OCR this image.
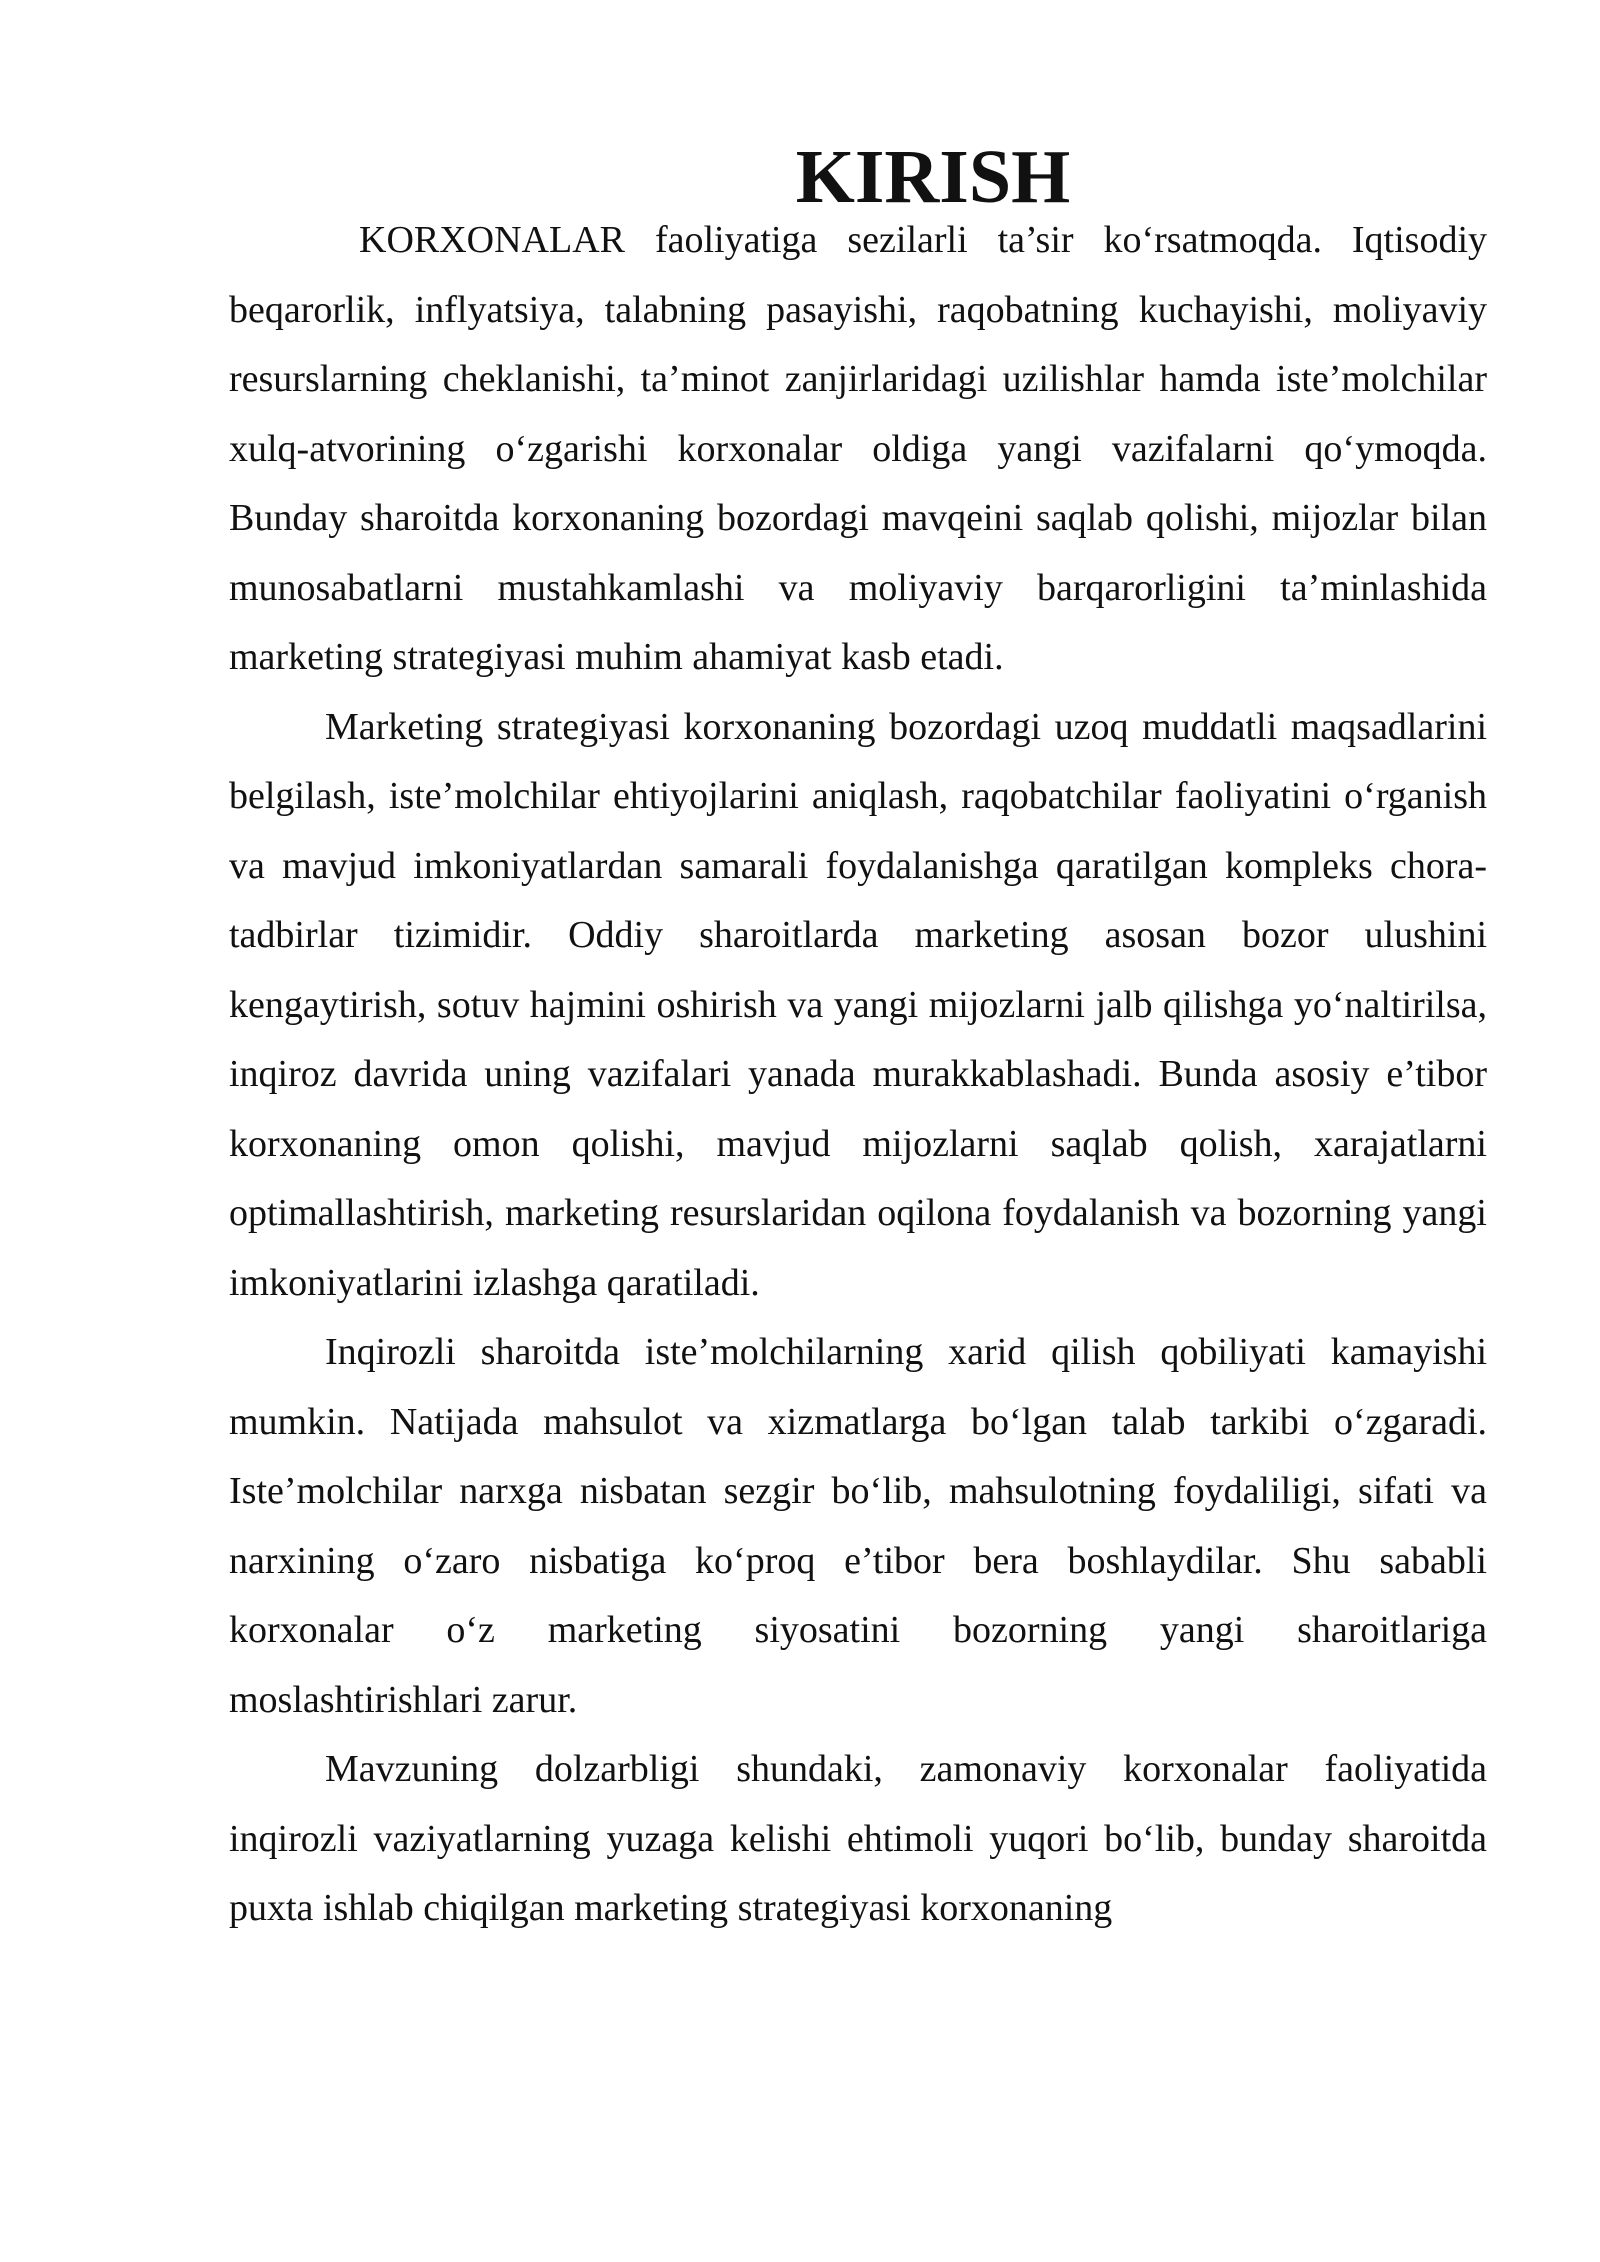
KIRISH

KORXONALAR faoliyatiga sezilarli ta’sir ko‘rsatmoqda. Iqtisodiy beqarorlik, inflyatsiya, talabning pasayishi, raqobatning kuchayishi, moliyaviy resurslarning cheklanishi, ta’minot zanjirlaridagi uzilishlar hamda iste’molchilar xulq-atvorining o‘zgarishi korxonalar oldiga yangi vazifalarni qo‘ymoqda. Bunday sharoitda korxonaning bozordagi mavqeini saqlab qolishi, mijozlar bilan munosabatlarni mustahkamlashi va moliyaviy barqarorligini ta’minlashida marketing strategiyasi muhim ahamiyat kasb etadi.

Marketing strategiyasi korxonaning bozordagi uzoq muddatli maqsadlarini belgilash, iste’molchilar ehtiyojlarini aniqlash, raqobatchilar faoliyatini o‘rganish va mavjud imkoniyatlardan samarali foydalanishga qaratilgan kompleks chora-tadbirlar tizimidir. Oddiy sharoitlarda marketing asosan bozor ulushini kengaytirish, sotuv hajmini oshirish va yangi mijozlarni jalb qilishga yo‘naltirilsa, inqiroz davrida uning vazifalari yanada murakkablashadi. Bunda asosiy e’tibor korxonaning omon qolishi, mavjud mijozlarni saqlab qolish, xarajatlarni optimallashtirish, marketing resurslaridan oqilona foydalanish va bozorning yangi imkoniyatlarini izlashga qaratiladi.

Inqirozli sharoitda iste’molchilarning xarid qilish qobiliyati kamayishi mumkin. Natijada mahsulot va xizmatlarga bo‘lgan talab tarkibi o‘zgaradi. Iste’molchilar narxga nisbatan sezgir bo‘lib, mahsulotning foydaliligi, sifati va narxining o‘zaro nisbatiga ko‘proq e’tibor bera boshlaydilar. Shu sababli korxonalar o‘z marketing siyosatini bozorning yangi sharoitlariga moslashtirishlari zarur.

Mavzuning dolzarbligi shundaki, zamonaviy korxonalar faoliyatida inqirozli vaziyatlarning yuzaga kelishi ehtimoli yuqori bo‘lib, bunday sharoitda puxta ishlab chiqilgan marketing strategiyasi korxonaning
